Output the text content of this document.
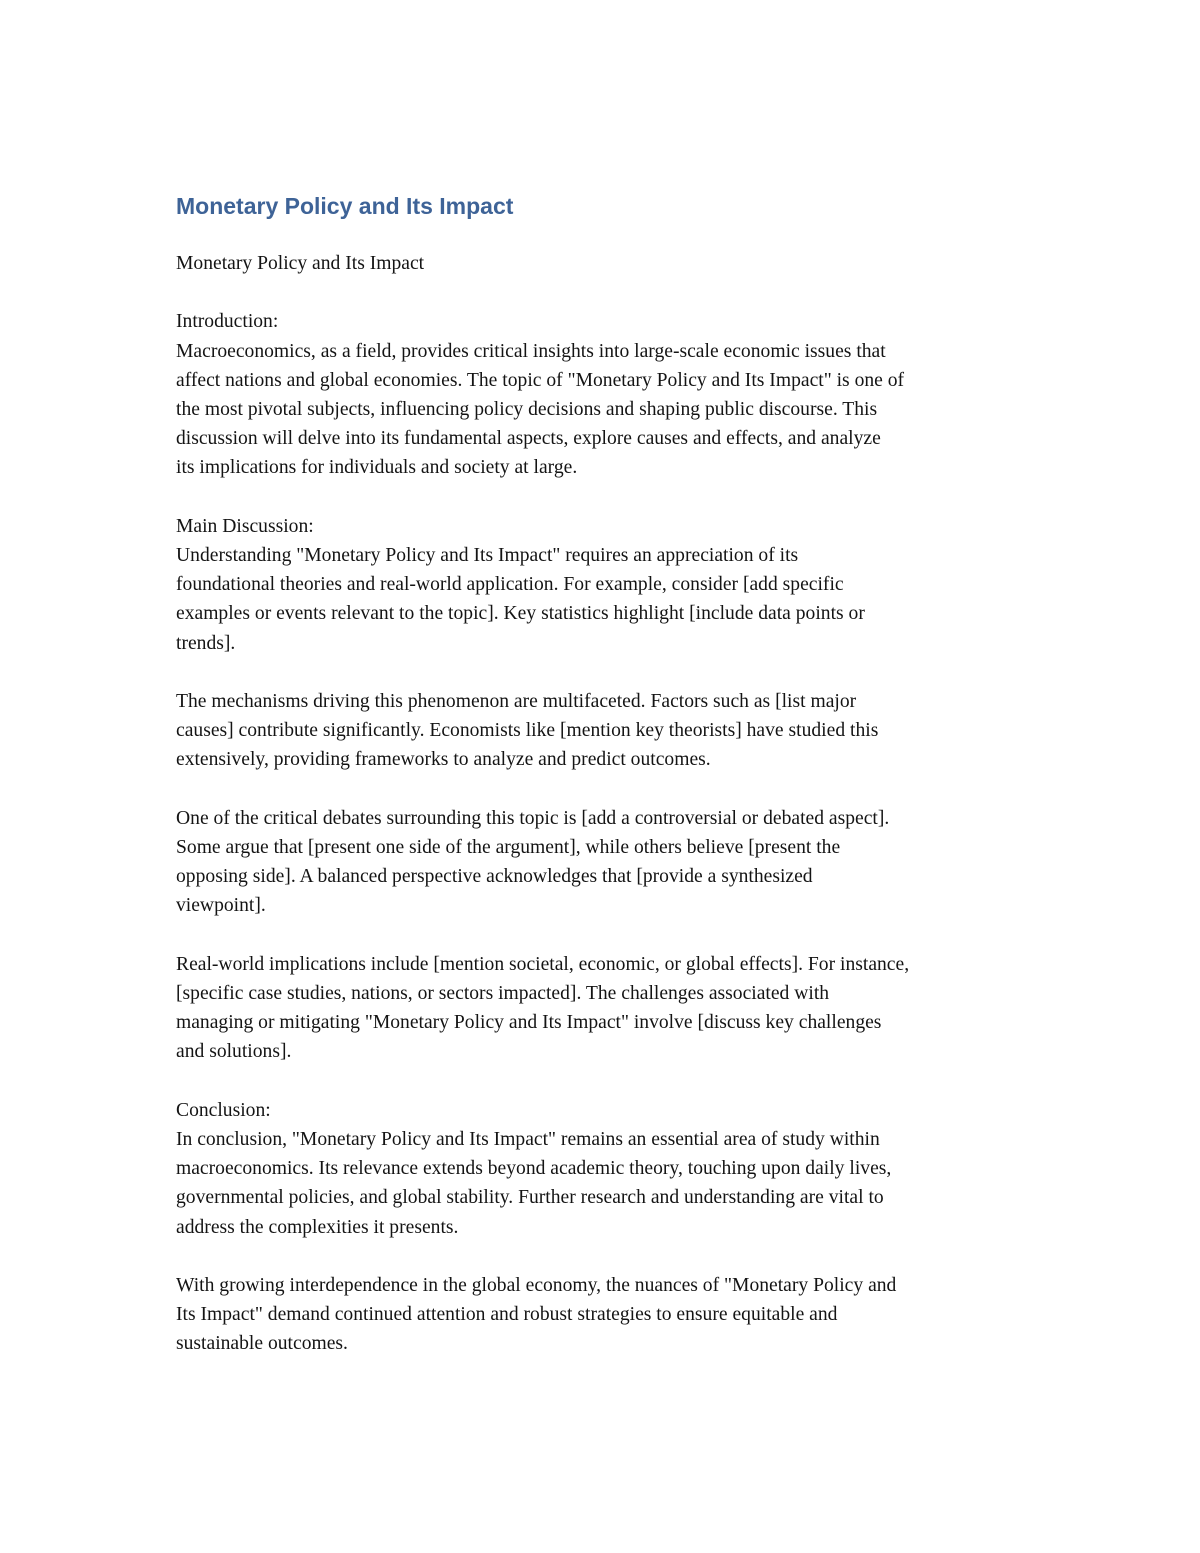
Monetary Policy and Its Impact

Monetary Policy and Its Impact

Introduction:
Macroeconomics, as a field, provides critical insights into large-scale economic issues that
affect nations and global economies. The topic of "Monetary Policy and Its Impact" is one of
the most pivotal subjects, influencing policy decisions and shaping public discourse. This
discussion will delve into its fundamental aspects, explore causes and effects, and analyze
its implications for individuals and society at large.

Main Discussion:
Understanding "Monetary Policy and Its Impact" requires an appreciation of its
foundational theories and real-world application. For example, consider [add specific
examples or events relevant to the topic]. Key statistics highlight [include data points or
trends].

The mechanisms driving this phenomenon are multifaceted. Factors such as [list major
causes] contribute significantly. Economists like [mention key theorists] have studied this
extensively, providing frameworks to analyze and predict outcomes.

One of the critical debates surrounding this topic is [add a controversial or debated aspect].
Some argue that [present one side of the argument], while others believe [present the
opposing side]. A balanced perspective acknowledges that [provide a synthesized
viewpoint].

Real-world implications include [mention societal, economic, or global effects]. For instance,
[specific case studies, nations, or sectors impacted]. The challenges associated with
managing or mitigating "Monetary Policy and Its Impact" involve [discuss key challenges
and solutions].

Conclusion:
In conclusion, "Monetary Policy and Its Impact" remains an essential area of study within
macroeconomics. Its relevance extends beyond academic theory, touching upon daily lives,
governmental policies, and global stability. Further research and understanding are vital to
address the complexities it presents.

With growing interdependence in the global economy, the nuances of "Monetary Policy and
Its Impact" demand continued attention and robust strategies to ensure equitable and
sustainable outcomes.
